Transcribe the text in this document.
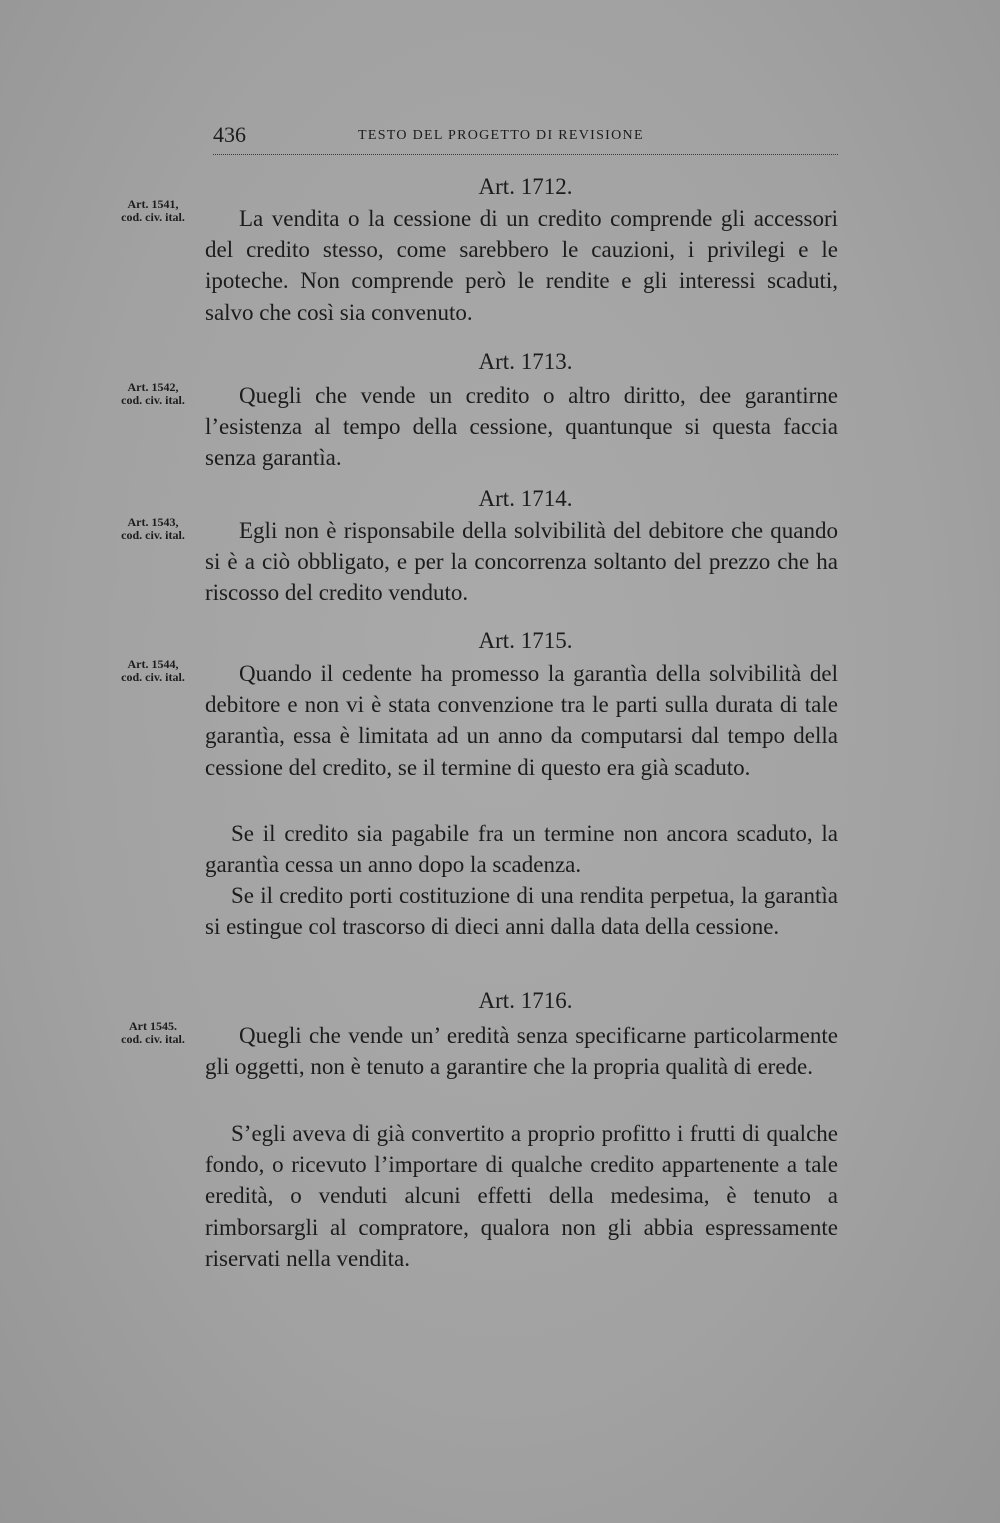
436	TESTO DEL PROGETTO DI REVISIONE
Art. 1712.
Art. 1541,
cod. civ. ital.	La vendita o la cessione di un credito comprende gli accessori del credito stesso, come sarebbero le cauzioni, i privilegi e le ipoteche. Non comprende però le rendite e gli interessi scaduti, salvo che così sia convenuto.

Art. 1713.
Art. 1542,
cod. civ. ital.	Quegli che vende un credito o altro diritto, dee garantirne l’esistenza al tempo della cessione, quantunque si questa faccia senza garantìa.

Art. 1714.
Art. 1543,
cod. civ. ital.	Egli non è risponsabile della solvibilità del debitore che quando si è a ciò obbligato, e per la concorrenza soltanto del prezzo che ha riscosso del credito venduto.

Art. 1715.
Art. 1544,
cod. civ. ital.	Quando il cedente ha promesso la garantìa della solvibilità del debitore e non vi è stata convenzione tra le parti sulla durata di tale garantìa, essa è limitata ad un anno da computarsi dal tempo della cessione del credito, se il termine di questo era già scaduto.

Se il credito sia pagabile fra un termine non ancora scaduto, la garantìa cessa un anno dopo la scadenza.

Se il credito porti costituzione di una rendita perpetua, la garantìa si estingue col trascorso di dieci anni dalla data della cessione.

Art. 1716.
Art 1545.
cod. civ. ital.	Quegli che vende un’ eredità senza specificarne particolarmente gli oggetti, non è tenuto a garantire che la propria qualità di erede.

S’egli aveva di già convertito a proprio profitto i frutti di qualche fondo, o ricevuto l’importare di qualche credito appartenente a tale eredità, o venduti alcuni effetti della medesima, è tenuto a rimborsargli al compratore, qualora non gli abbia espressamente riservati nella vendita.
